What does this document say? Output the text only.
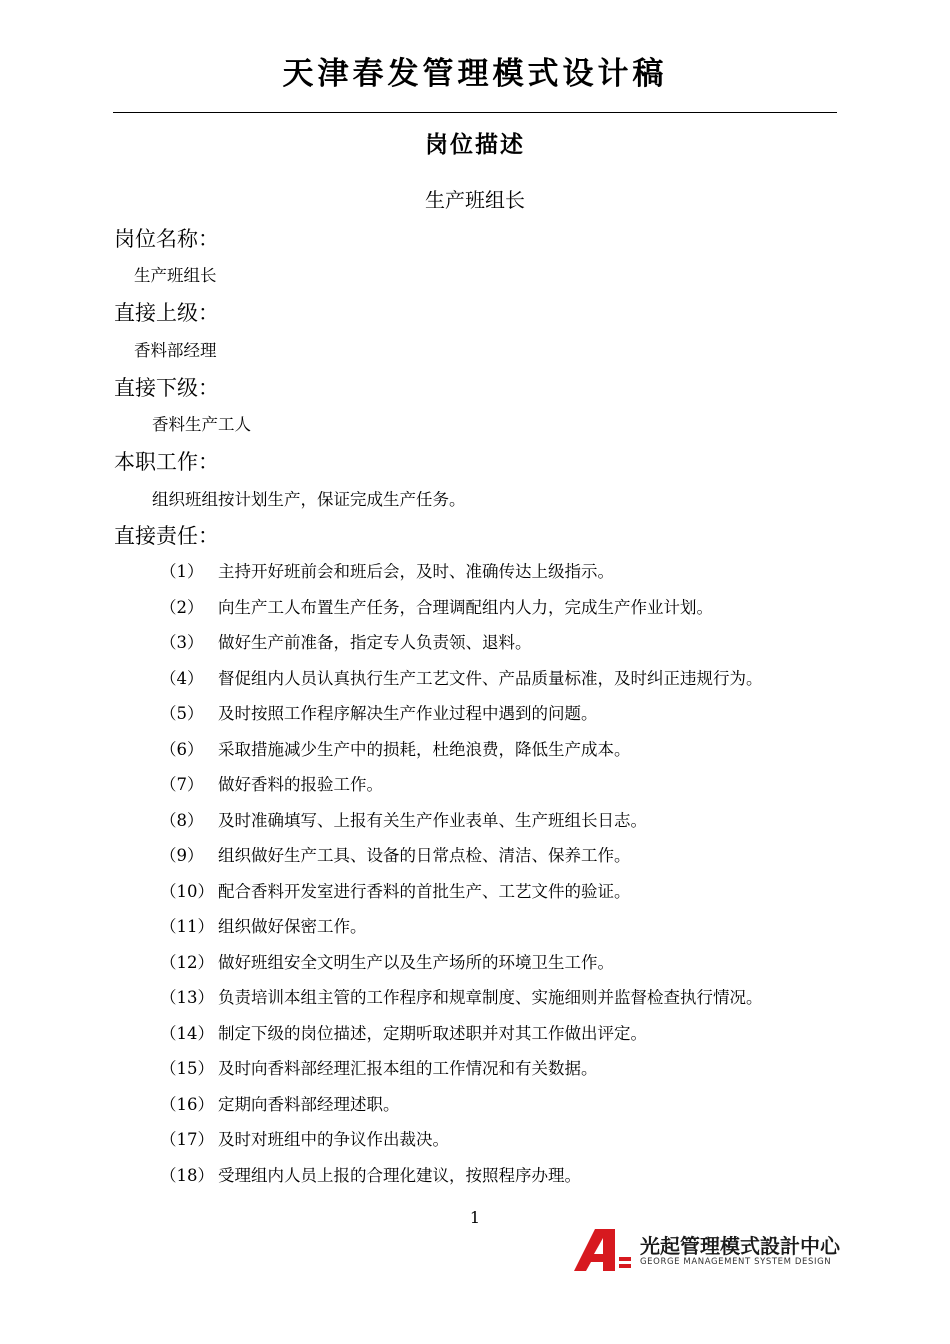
天津春发管理模式设计稿
岗位描述
生产班组长
岗位名称：
生产班组长
直接上级：
香料部经理
直接下级：
香料生产工人
本职工作：
组织班组按计划生产，保证完成生产任务。
直接责任：
（1） 主持开好班前会和班后会，及时、准确传达上级指示。
（2） 向生产工人布置生产任务，合理调配组内人力，完成生产作业计划。
（3） 做好生产前准备，指定专人负责领、退料。
（4） 督促组内人员认真执行生产工艺文件、产品质量标准，及时纠正违规行为。
（5） 及时按照工作程序解决生产作业过程中遇到的问题。
（6） 采取措施减少生产中的损耗，杜绝浪费，降低生产成本。
（7） 做好香料的报验工作。
（8） 及时准确填写、上报有关生产作业表单、生产班组长日志。
（9） 组织做好生产工具、设备的日常点检、清洁、保养工作。
（10） 配合香料开发室进行香料的首批生产、工艺文件的验证。
（11） 组织做好保密工作。
（12） 做好班组安全文明生产以及生产场所的环境卫生工作。
（13） 负责培训本组主管的工作程序和规章制度、实施细则并监督检查执行情况。
（14） 制定下级的岗位描述，定期听取述职并对其工作做出评定。
（15） 及时向香料部经理汇报本组的工作情况和有关数据。
（16） 定期向香料部经理述职。
（17） 及时对班组中的争议作出裁决。
（18） 受理组内人员上报的合理化建议，按照程序办理。
1
光起管理模式設計中心
GEORGE MANAGEMENT SYSTEM DESIGN
